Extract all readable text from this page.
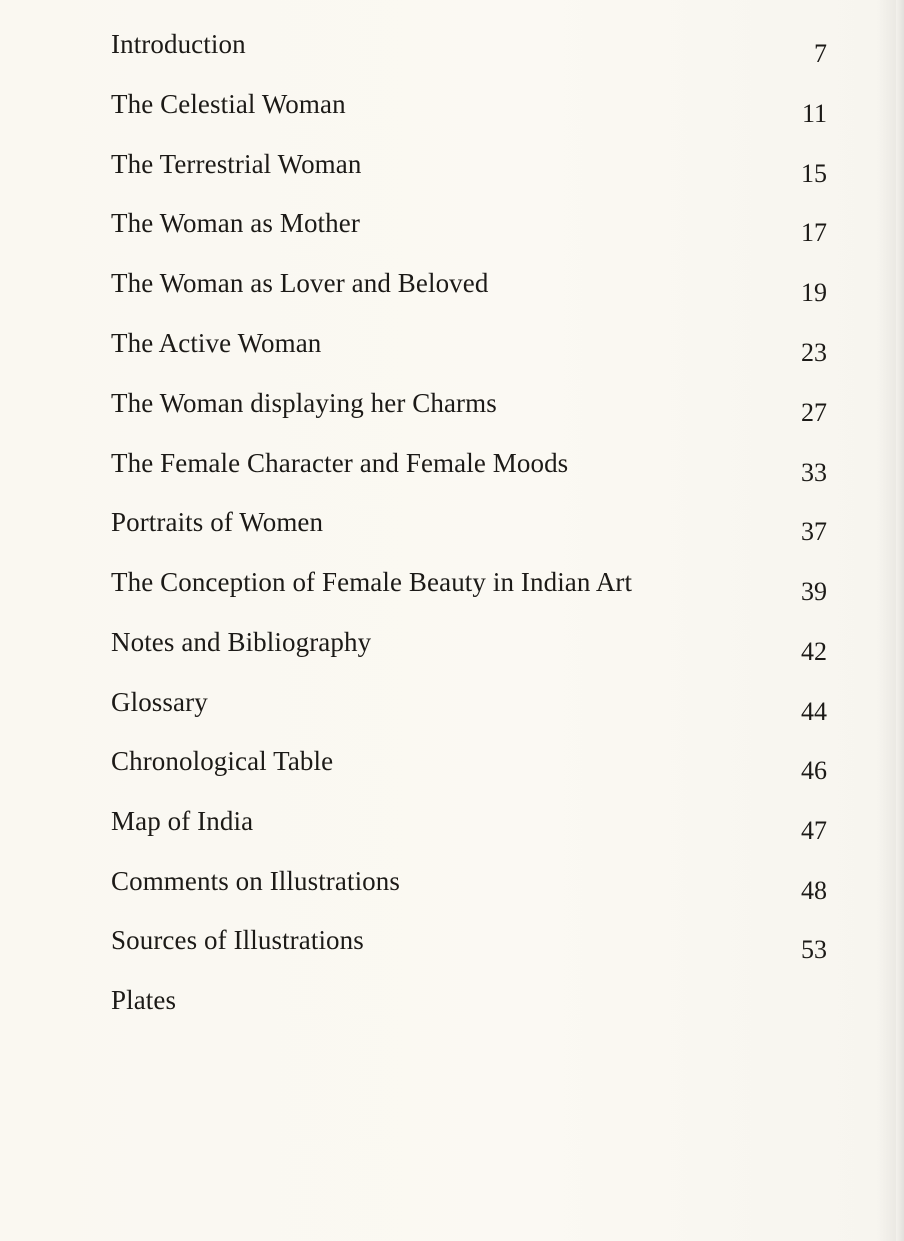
Introduction	7
The Celestial Woman	11
The Terrestrial Woman	15
The Woman as Mother	17
The Woman as Lover and Beloved	19
The Active Woman	23
The Woman displaying her Charms	27
The Female Character and Female Moods	33
Portraits of Women	37
The Conception of Female Beauty in Indian Art	39
Notes and Bibliography	42
Glossary	44
Chronological Table	46
Map of India	47
Comments on Illustrations	48
Sources of Illustrations	53
Plates
